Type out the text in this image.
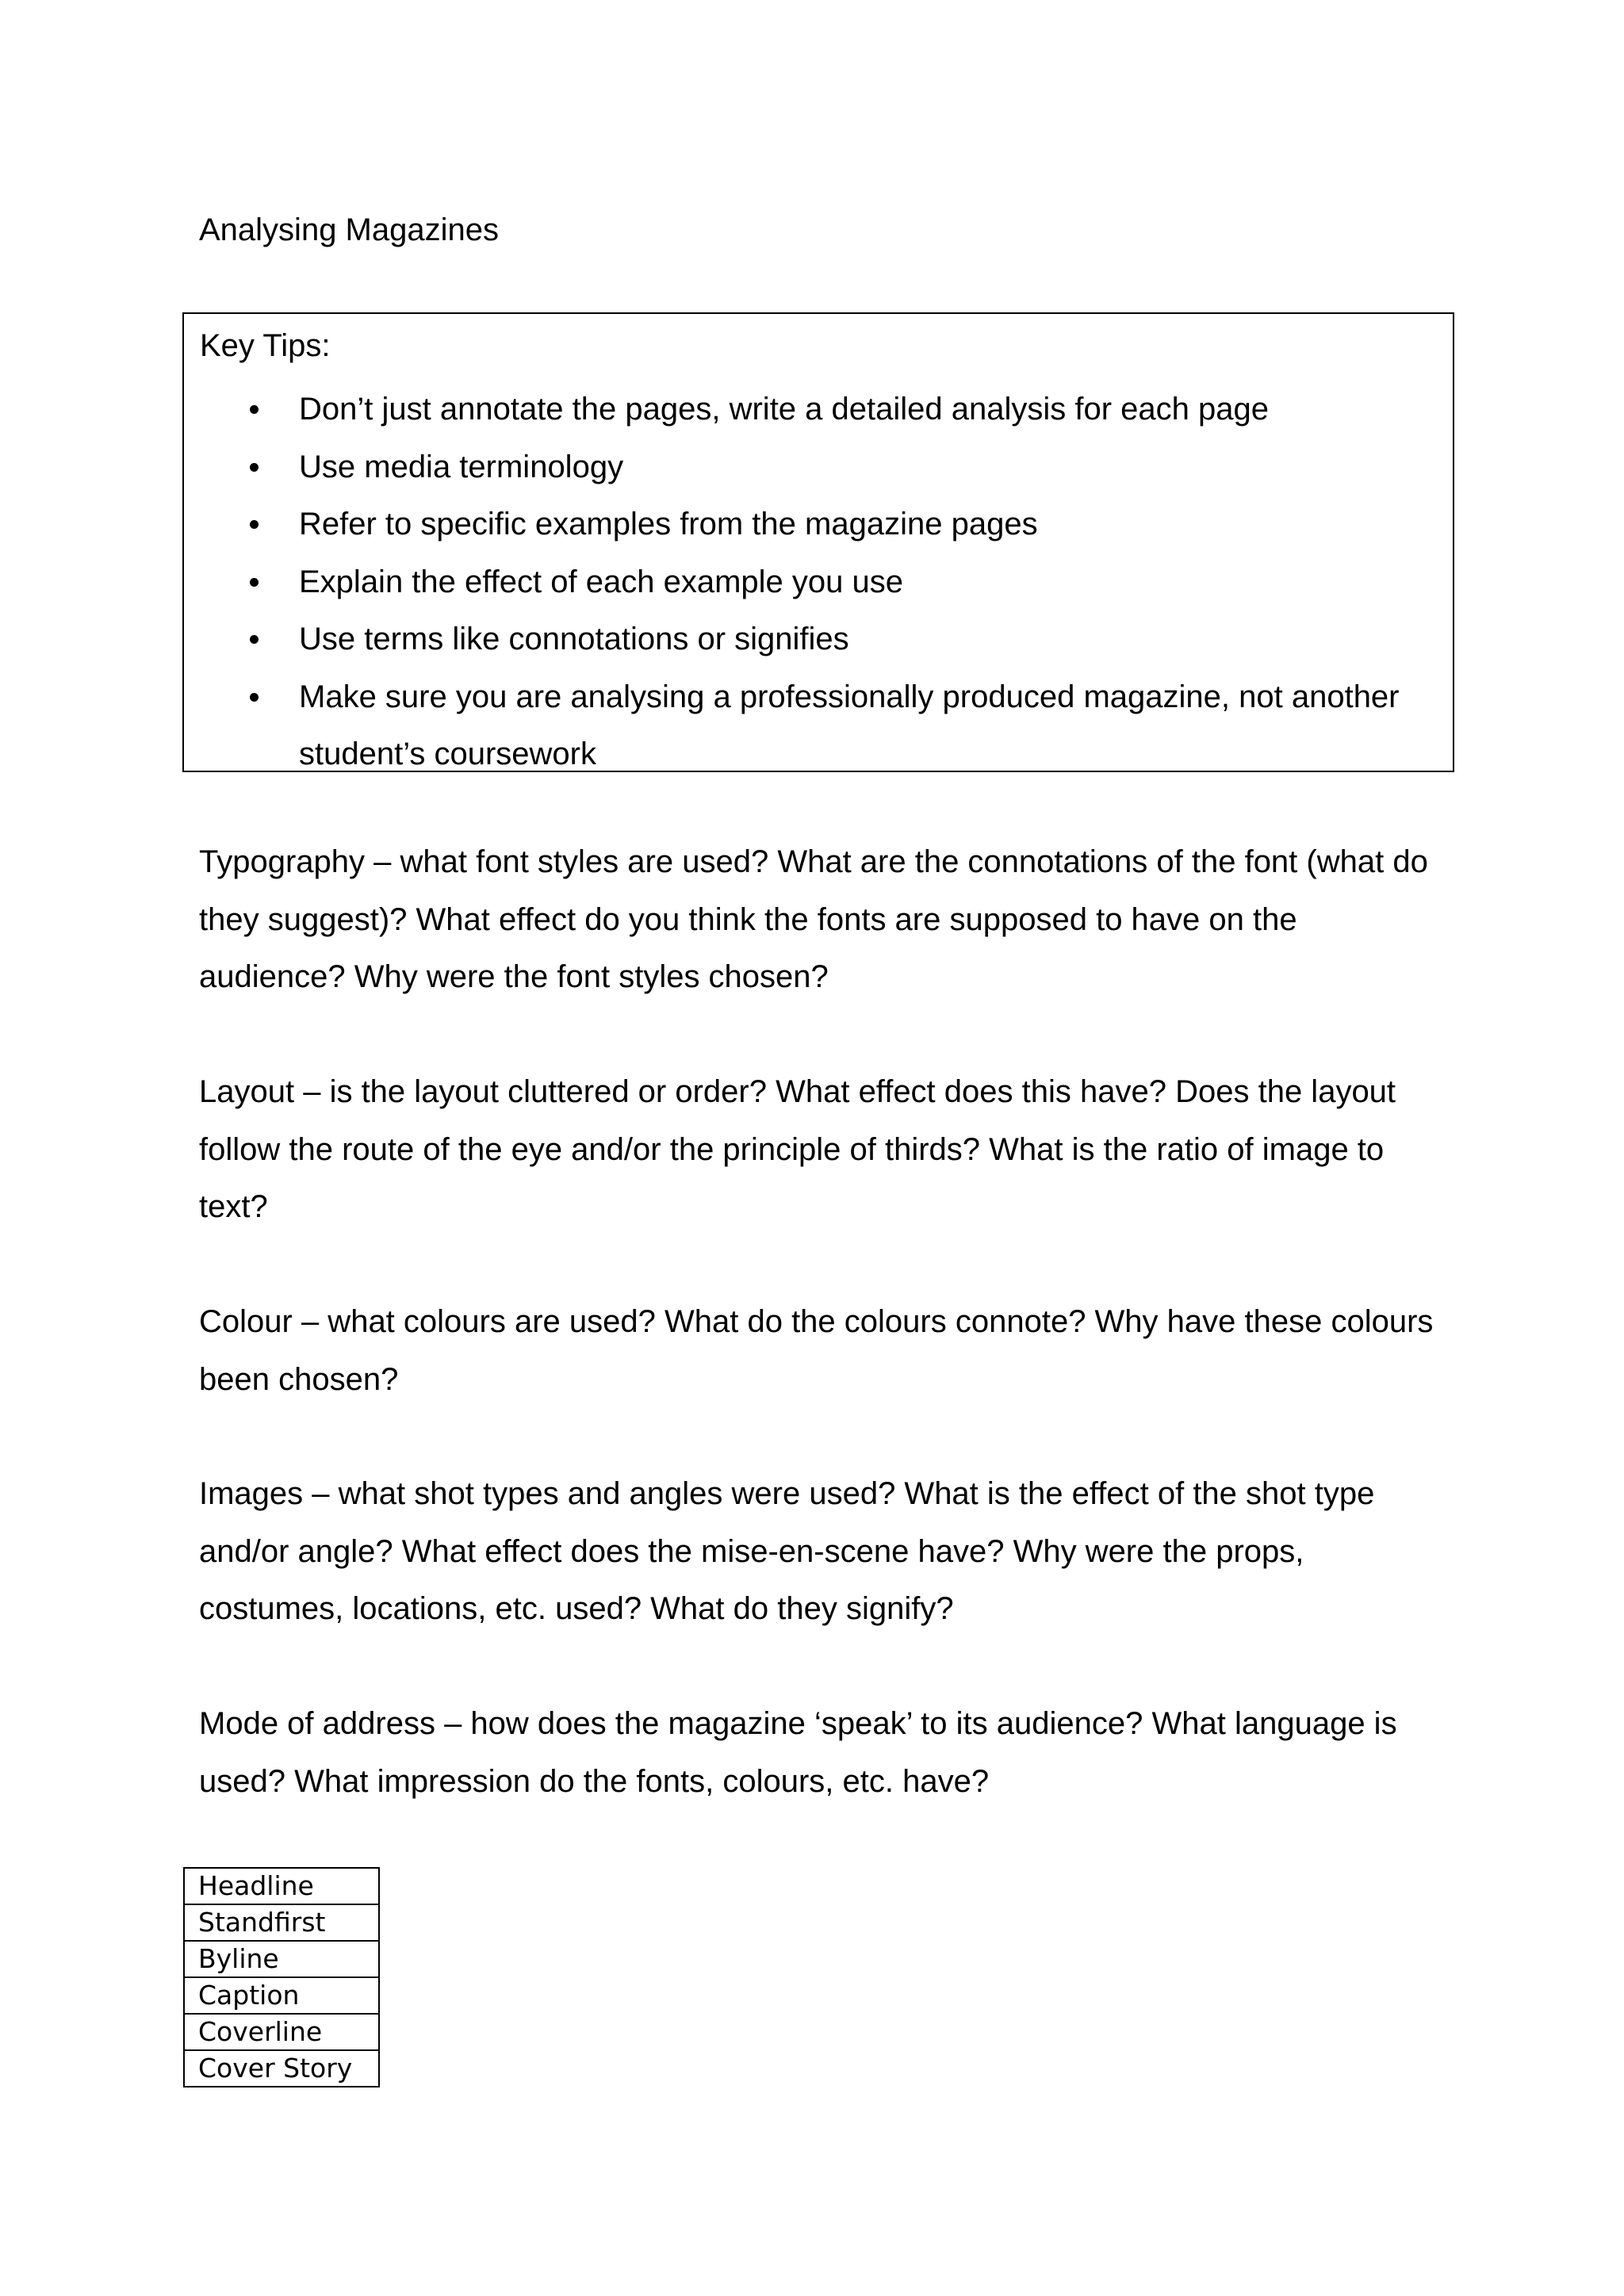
Analysing Magazines
Key Tips:
Don’t just annotate the pages, write a detailed analysis for each page
Use media terminology
Refer to specific examples from the magazine pages
Explain the effect of each example you use
Use terms like connotations or signifies
Make sure you are analysing a professionally produced magazine, not another student’s coursework

Typography – what font styles are used? What are the connotations of the font (what do they suggest)? What effect do you think the fonts are supposed to have on the audience? Why were the font styles chosen?

Layout – is the layout cluttered or order? What effect does this have? Does the layout follow the route of the eye and/or the principle of thirds? What is the ratio of image to text?

Colour – what colours are used? What do the colours connote? Why have these colours been chosen?

Images – what shot types and angles were used? What is the effect of the shot type and/or angle? What effect does the mise-en-scene have? Why were the props, costumes, locations, etc. used? What do they signify?

Mode of address – how does the magazine ‘speak’ to its audience? What language is used? What impression do the fonts, colours, etc. have?

Headline
Standfirst
Byline
Caption
Coverline
Cover Story
